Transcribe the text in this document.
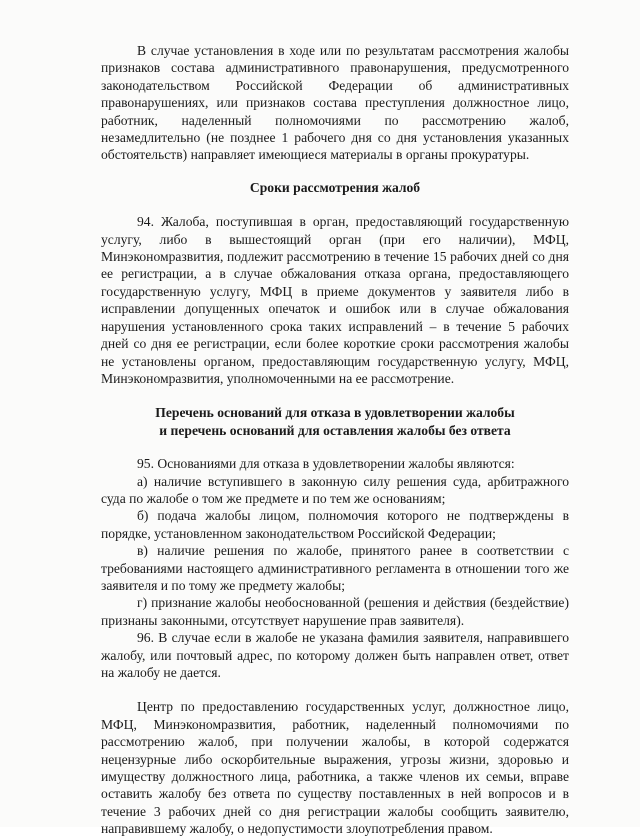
В случае установления в ходе или по результатам рассмотрения жалобы признаков состава административного правонарушения, предусмотренного законодательством Российской Федерации об административных правонарушениях, или признаков состава преступления должностное лицо, работник, наделенный полномочиями по рассмотрению жалоб, незамедлительно (не позднее 1 рабочего дня со дня установления указанных обстоятельств) направляет имеющиеся материалы в органы прокуратуры.

Сроки рассмотрения жалоб

94. Жалоба, поступившая в орган, предоставляющий государственную услугу, либо в вышестоящий орган (при его наличии), МФЦ, Минэкономразвития, подлежит рассмотрению в течение 15 рабочих дней со дня ее регистрации, а в случае обжалования отказа органа, предоставляющего государственную услугу, МФЦ в приеме документов у заявителя либо в исправлении допущенных опечаток и ошибок или в случае обжалования нарушения установленного срока таких исправлений – в течение 5 рабочих дней со дня ее регистрации, если более короткие сроки рассмотрения жалобы не установлены органом, предоставляющим государственную услугу, МФЦ, Минэкономразвития, уполномоченными на ее рассмотрение.

Перечень оснований для отказа в удовлетворении жалобы
и перечень оснований для оставления жалобы без ответа

95. Основаниями для отказа в удовлетворении жалобы являются:

а) наличие вступившего в законную силу решения суда, арбитражного суда по жалобе о том же предмете и по тем же основаниям;

б) подача жалобы лицом, полномочия которого не подтверждены в порядке, установленном законодательством Российской Федерации;

в) наличие решения по жалобе, принятого ранее в соответствии с требованиями настоящего административного регламента в отношении того же заявителя и по тому же предмету жалобы;

г) признание жалобы необоснованной (решения и действия (бездействие) признаны законными, отсутствует нарушение прав заявителя).

96. В случае если в жалобе не указана фамилия заявителя, направившего жалобу, или почтовый адрес, по которому должен быть направлен ответ, ответ на жалобу не дается.

Центр по предоставлению государственных услуг, должностное лицо, МФЦ, Минэкономразвития, работник, наделенный полномочиями по рассмотрению жалоб, при получении жалобы, в которой содержатся нецензурные либо оскорбительные выражения, угрозы жизни, здоровью и имуществу должностного лица, работника, а также членов их семьи, вправе оставить жалобу без ответа по существу поставленных в ней вопросов и в течение 3 рабочих дней со дня регистрации жалобы сообщить заявителю, направившему жалобу, о недопустимости злоупотребления правом.
